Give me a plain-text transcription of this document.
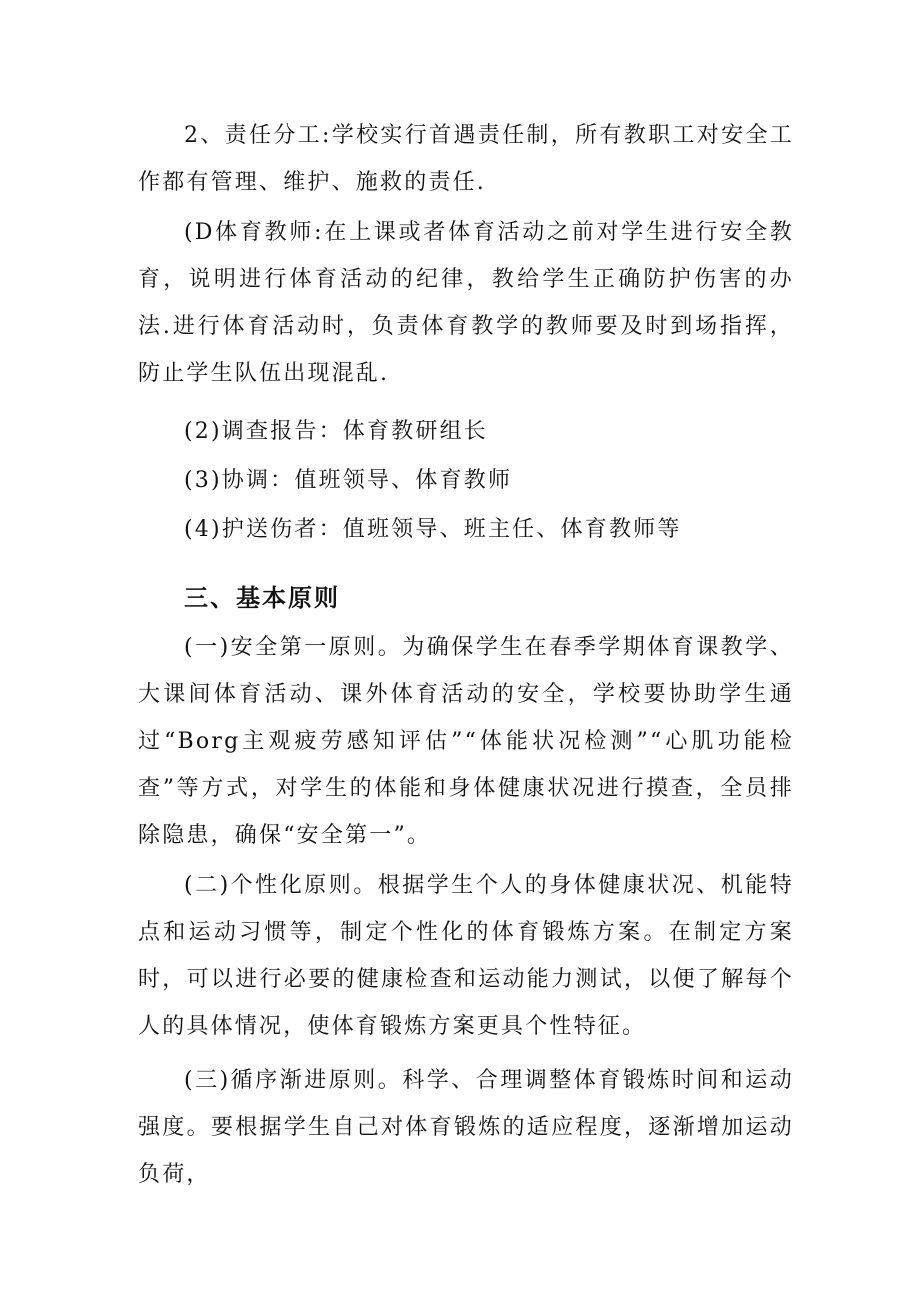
2、责任分工:学校实行首遇责任制，所有教职工对安全工作都有管理、维护、施救的责任.

(D体育教师:在上课或者体育活动之前对学生进行安全教育，说明进行体育活动的纪律，教给学生正确防护伤害的办法.进行体育活动时，负责体育教学的教师要及时到场指挥，防止学生队伍出现混乱.

(2)调查报告：体育教研组长

(3)协调：值班领导、体育教师

(4)护送伤者：值班领导、班主任、体育教师等

三、基本原则

(一)安全第一原则。为确保学生在春季学期体育课教学、大课间体育活动、课外体育活动的安全，学校要协助学生通过“Borg主观疲劳感知评估”“体能状况检测”“心肌功能检查”等方式，对学生的体能和身体健康状况进行摸查，全员排除隐患，确保“安全第一”。

(二)个性化原则。根据学生个人的身体健康状况、机能特点和运动习惯等，制定个性化的体育锻炼方案。在制定方案时，可以进行必要的健康检查和运动能力测试，以便了解每个人的具体情况，使体育锻炼方案更具个性特征。

(三)循序渐进原则。科学、合理调整体育锻炼时间和运动强度。要根据学生自己对体育锻炼的适应程度，逐渐增加运动负荷，
